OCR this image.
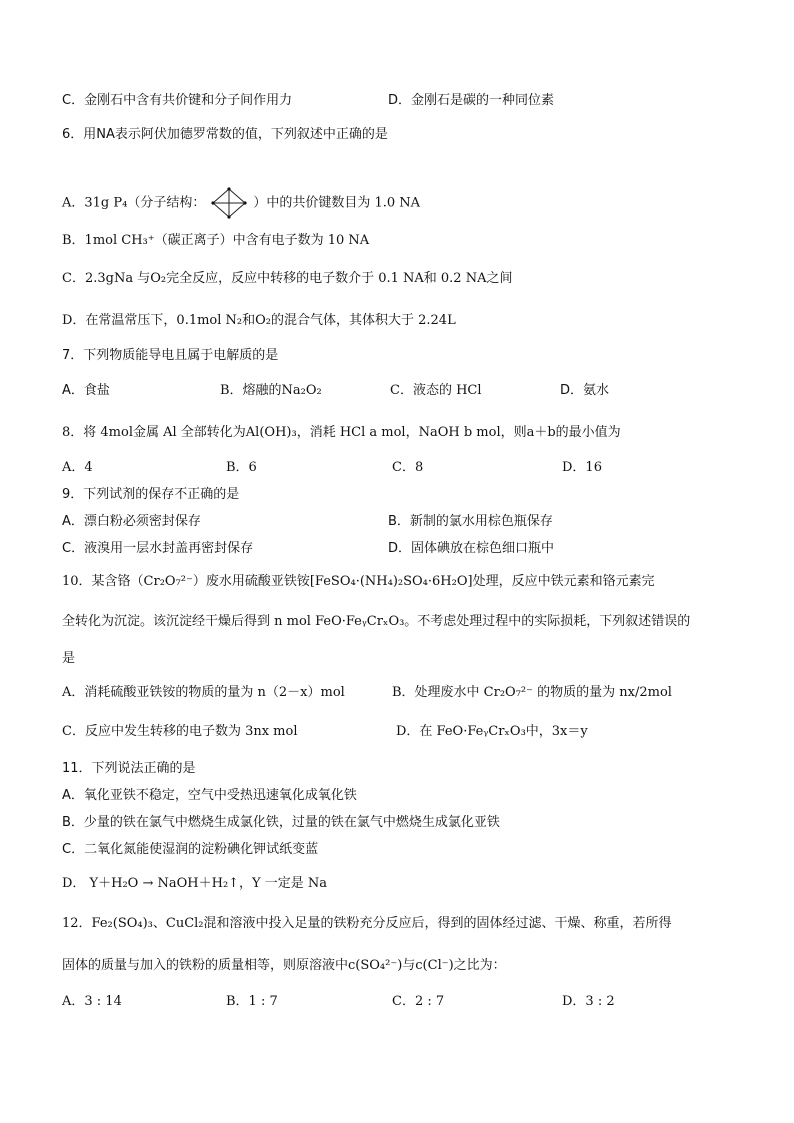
C．金刚石中含有共价键和分子间作用力	D．金刚石是碳的一种同位素
6．用NA表示阿伏加德罗常数的值，下列叙述中正确的是
A．31g P₄（分子结构：	）中的共价键数目为 1.0 NA
B．1mol CH₃⁺（碳正离子）中含有电子数为 10 NA
C．2.3gNa 与O₂完全反应，反应中转移的电子数介于 0.1 NA和 0.2 NA之间
D．在常温常压下，0.1mol N₂和O₂的混合气体，其体积大于 2.24L
7．下列物质能导电且属于电解质的是
A．食盐	B．熔融的Na₂O₂	C．液态的 HCl	D．氨水
8．将 4mol金属 Al 全部转化为Al(OH)₃，消耗 HCl a mol，NaOH b mol，则a＋b的最小值为
A．4	B．6	C．8	D．16
9．下列试剂的保存不正确的是
A．漂白粉必须密封保存	B．新制的氯水用棕色瓶保存
C．液溴用一层水封盖再密封保存	D．固体碘放在棕色细口瓶中
10．某含铬（Cr₂O₇²⁻）废水用硫酸亚铁铵[FeSO₄·(NH₄)₂SO₄·6H₂O]处理，反应中铁元素和铬元素完
全转化为沉淀。该沉淀经干燥后得到 n mol FeO·FeᵧCrₓO₃。不考虑处理过程中的实际损耗，下列叙述错误的
是
A．消耗硫酸亚铁铵的物质的量为 n（2－x）mol	B．处理废水中 Cr₂O₇²⁻ 的物质的量为 nx/2mol
C．反应中发生转移的电子数为 3nx mol	D．在 FeO·FeᵧCrₓO₃中，3x＝y
11．下列说法正确的是
A．氧化亚铁不稳定，空气中受热迅速氧化成氧化铁
B．少量的铁在氯气中燃烧生成氯化铁，过量的铁在氯气中燃烧生成氯化亚铁
C．二氧化氮能使湿润的淀粉碘化钾试纸变蓝
D． Y＋H₂O → NaOH＋H₂↑，Y 一定是 Na
12．Fe₂(SO₄)₃、CuCl₂混和溶液中投入足量的铁粉充分反应后，得到的固体经过滤、干燥、称重，若所得
固体的质量与加入的铁粉的质量相等，则原溶液中c(SO₄²⁻)与c(Cl⁻)之比为：
A．3 : 14	B．1 : 7	C．2 : 7	D．3 : 2
